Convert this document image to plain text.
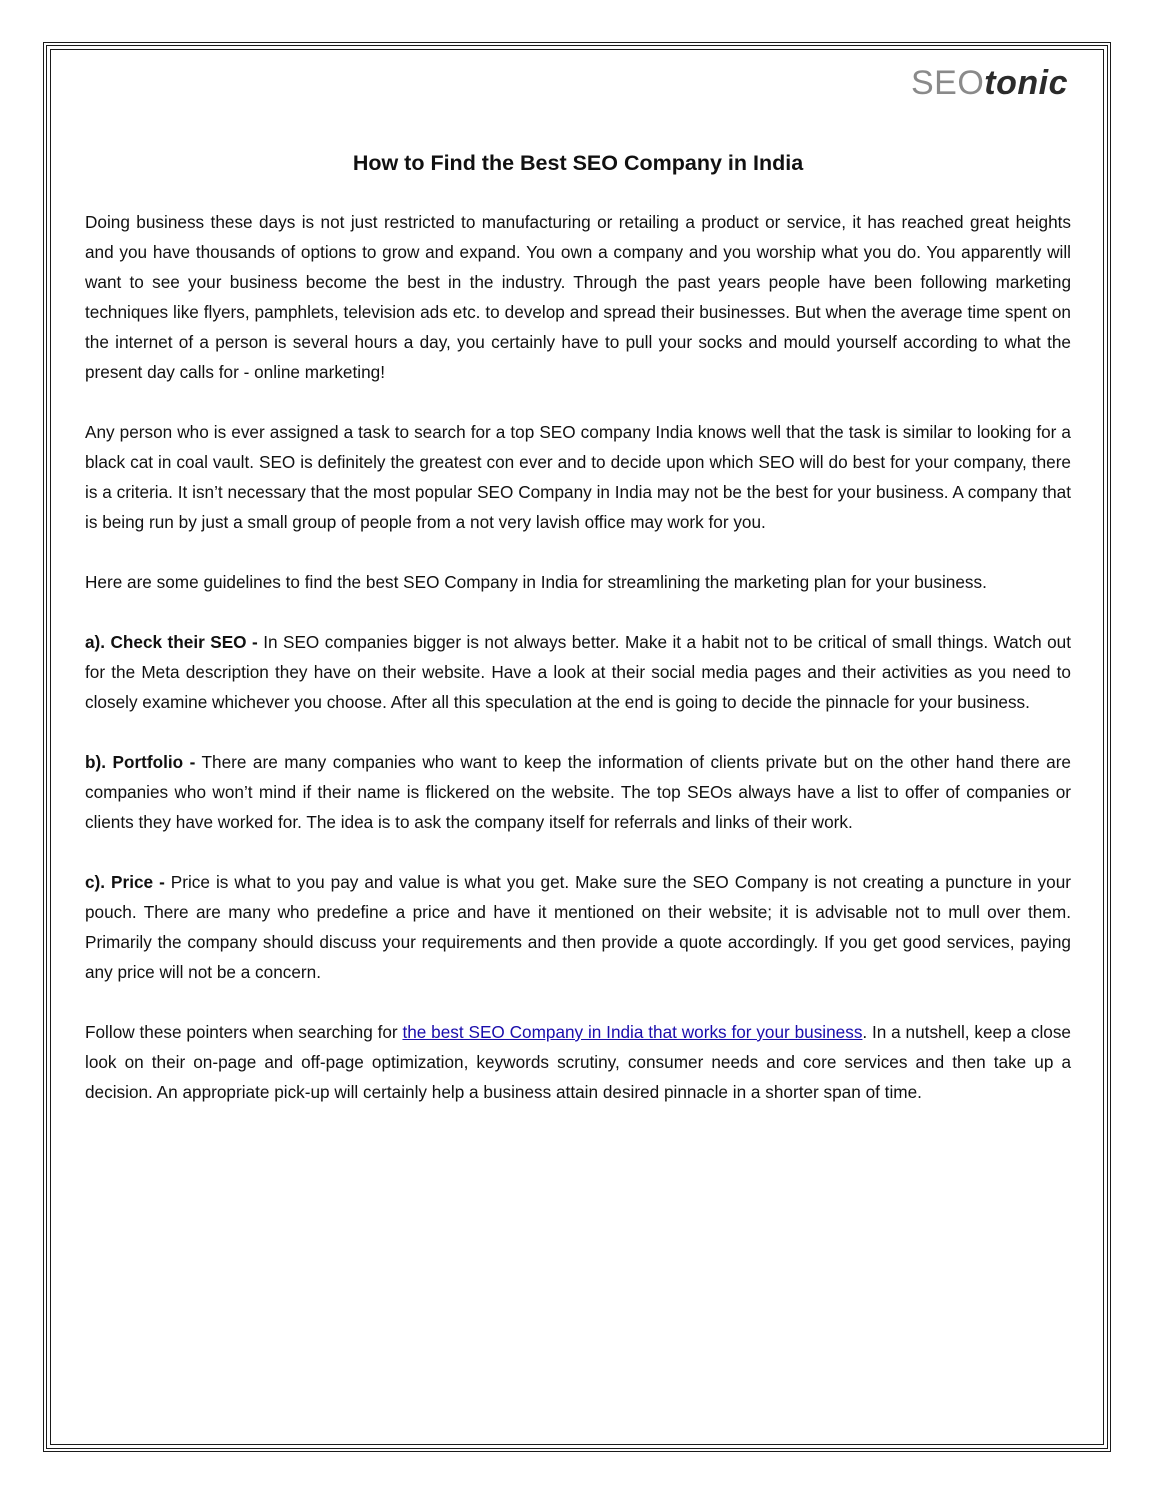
SEOtonic
How to Find the Best SEO Company in India

Doing business these days is not just restricted to manufacturing or retailing a product or service, it has reached great heights and you have thousands of options to grow and expand. You own a company and you worship what you do. You apparently will want to see your business become the best in the industry. Through the past years people have been following marketing techniques like flyers, pamphlets, television ads etc. to develop and spread their businesses. But when the average time spent on the internet of a person is several hours a day, you certainly have to pull your socks and mould yourself according to what the present day calls for - online marketing!

Any person who is ever assigned a task to search for a top SEO company India knows well that the task is similar to looking for a black cat in coal vault. SEO is definitely the greatest con ever and to decide upon which SEO will do best for your company, there is a criteria. It isn’t necessary that the most popular SEO Company in India may not be the best for your business. A company that is being run by just a small group of people from a not very lavish office may work for you.

Here are some guidelines to find the best SEO Company in India for streamlining the marketing plan for your business.

a). Check their SEO - In SEO companies bigger is not always better. Make it a habit not to be critical of small things. Watch out for the Meta description they have on their website. Have a look at their social media pages and their activities as you need to closely examine whichever you choose. After all this speculation at the end is going to decide the pinnacle for your business.

b). Portfolio - There are many companies who want to keep the information of clients private but on the other hand there are companies who won’t mind if their name is flickered on the website. The top SEOs always have a list to offer of companies or clients they have worked for. The idea is to ask the company itself for referrals and links of their work.

c). Price - Price is what to you pay and value is what you get. Make sure the SEO Company is not creating a puncture in your pouch. There are many who predefine a price and have it mentioned on their website; it is advisable not to mull over them. Primarily the company should discuss your requirements and then provide a quote accordingly. If you get good services, paying any price will not be a concern.

Follow these pointers when searching for the best SEO Company in India that works for your business. In a nutshell, keep a close look on their on-page and off-page optimization, keywords scrutiny, consumer needs and core services and then take up a decision. An appropriate pick-up will certainly help a business attain desired pinnacle in a shorter span of time.
